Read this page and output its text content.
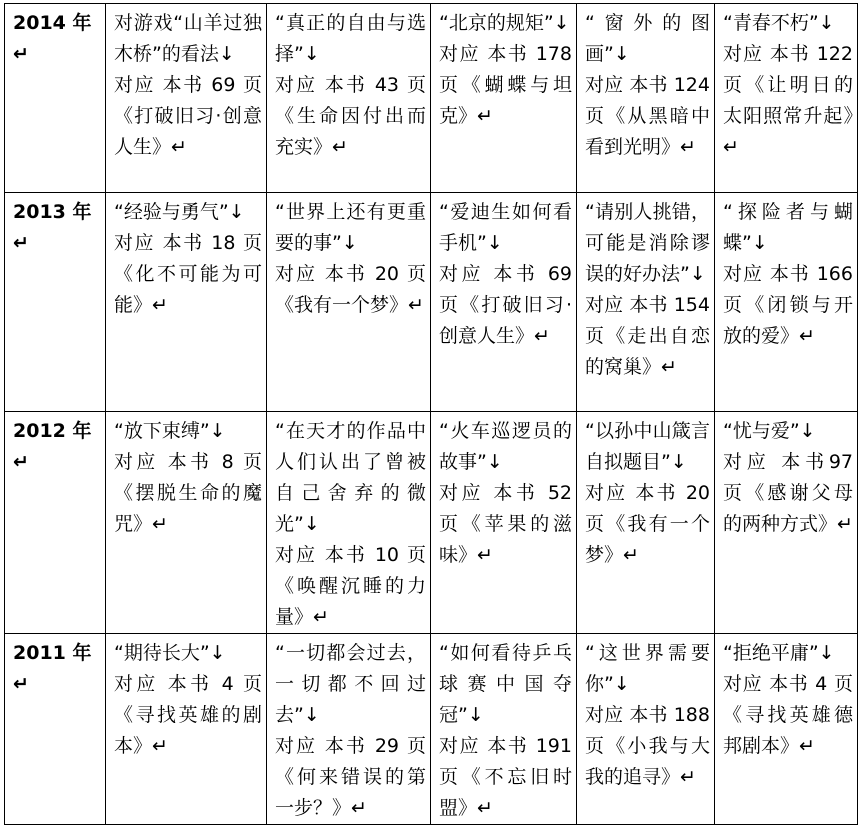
2014 年↵	对游戏“山羊过独木桥”的看法↓
对应 本书 69 页《打破旧习·创意人生》↵	“真正的自由与选择”↓
对应 本书 43 页《生命因付出而充实》↵	“北京的规矩”↓
对应 本书 178 页《蝴蝶与坦克》↵	“窗外的图画”↓
对应 本书 124 页《从黑暗中看到光明》↵	“青春不朽”↓
对应 本书 122 页《让明日的太阳照常升起》↵

2013 年↵	“经验与勇气”↓
对应 本书 18 页《化不可能为可能》↵	“世界上还有更重要的事”↓
对应 本书 20 页《我有一个梦》↵	“爱迪生如何看手机”↓
对应 本书 69 页《打破旧习·创意人生》↵	“请别人挑错，可能是消除谬误的好办法”↓
对应 本书 154 页《走出自恋的窝巢》↵	“探险者与蝴蝶”↓
对应 本书 166 页《闭锁与开放的爱》↵

2012 年↵	“放下束缚”↓
对应 本书 8 页《摆脱生命的魔咒》↵	“在天才的作品中人们认出了曾被自己舍弃的微光”↓
对应 本书 10 页《唤醒沉睡的力量》↵	“火车巡逻员的故事”↓
对应 本书 52 页《苹果的滋味》↵	“以孙中山箴言自拟题目”↓
对应 本书 20 页《我有一个梦》↵	“忧与爱”↓
对应 本书97 页《感谢父母的两种方式》↵

2011 年↵	“期待长大”↓
对应 本书 4 页《寻找英雄的剧本》↵	“一切都会过去，一切都不回过去”↓
对应 本书 29 页《何来错误的第一步？》↵	“如何看待乒乓球赛中国夺冠”↓
对应 本书 191 页《不忘旧时盟》↵	“这世界需要你”↓
对应 本书 188 页《小我与大我的追寻》↵	“拒绝平庸”↓
对应 本书 4 页《寻找英雄德邦剧本》↵
